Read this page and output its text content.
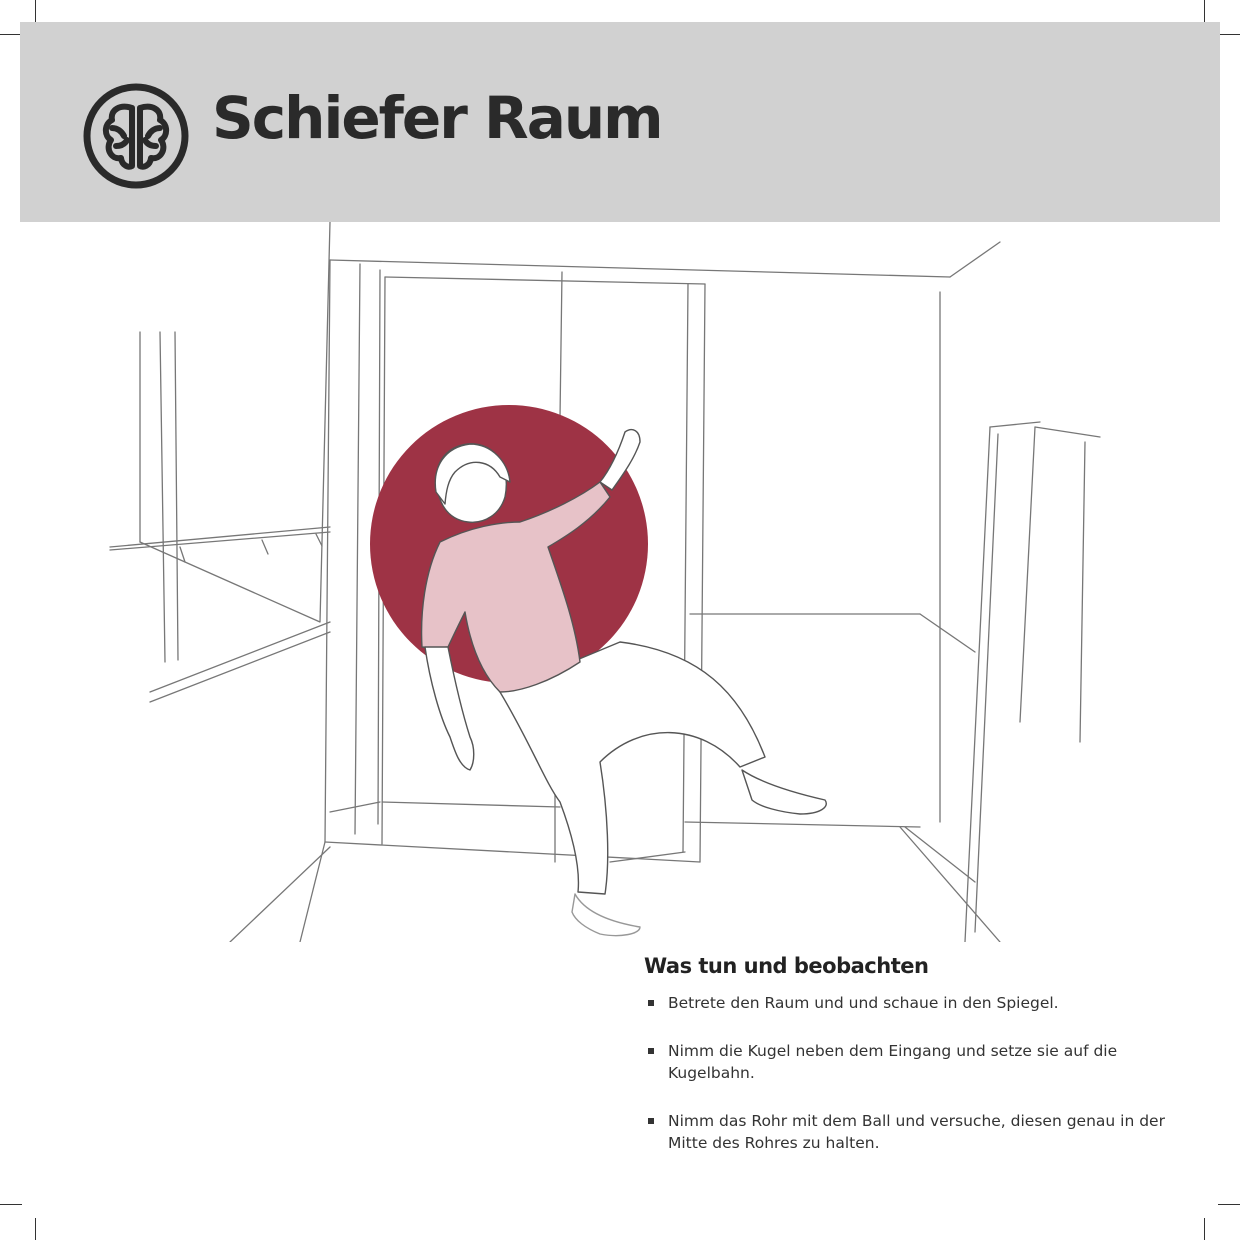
Schiefer Raum
Was tun und beobachten
Betrete den Raum und und schaue in den Spiegel.
Nimm die Kugel neben dem Eingang und setze sie auf die Kugelbahn.
Nimm das Rohr mit dem Ball und versuche, diesen genau in der Mitte des Rohres zu halten.
